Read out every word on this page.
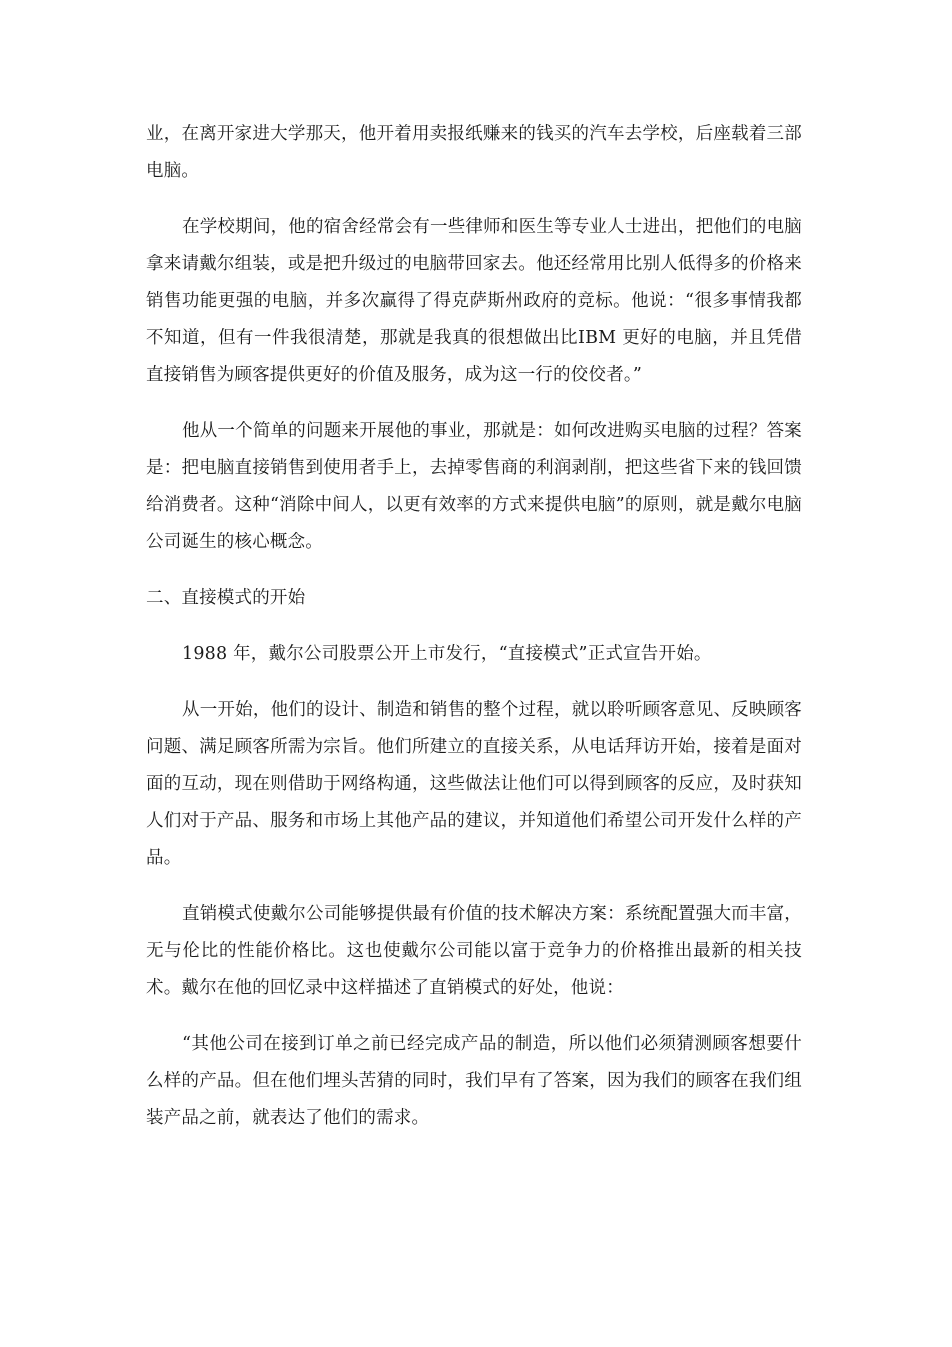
业，在离开家进大学那天，他开着用卖报纸赚来的钱买的汽车去学校，后座载着三部电脑。

在学校期间，他的宿舍经常会有一些律师和医生等专业人士进出，把他们的电脑拿来请戴尔组装，或是把升级过的电脑带回家去。他还经常用比别人低得多的价格来销售功能更强的电脑，并多次赢得了得克萨斯州政府的竞标。他说：“很多事情我都不知道，但有一件我很清楚，那就是我真的很想做出比IBM 更好的电脑，并且凭借直接销售为顾客提供更好的价值及服务，成为这一行的佼佼者。”

他从一个简单的问题来开展他的事业，那就是：如何改进购买电脑的过程？答案是：把电脑直接销售到使用者手上，去掉零售商的利润剥削，把这些省下来的钱回馈给消费者。这种“消除中间人，以更有效率的方式来提供电脑”的原则，就是戴尔电脑公司诞生的核心概念。

二、直接模式的开始

1988 年，戴尔公司股票公开上市发行，“直接模式”正式宣告开始。

从一开始，他们的设计、制造和销售的整个过程，就以聆听顾客意见、反映顾客问题、满足顾客所需为宗旨。他们所建立的直接关系，从电话拜访开始，接着是面对面的互动，现在则借助于网络构通，这些做法让他们可以得到顾客的反应，及时获知人们对于产品、服务和市场上其他产品的建议，并知道他们希望公司开发什么样的产品。

直销模式使戴尔公司能够提供最有价值的技术解决方案：系统配置强大而丰富，无与伦比的性能价格比。这也使戴尔公司能以富于竞争力的价格推出最新的相关技术。戴尔在他的回忆录中这样描述了直销模式的好处，他说：

“其他公司在接到订单之前已经完成产品的制造，所以他们必须猜测顾客想要什么样的产品。但在他们埋头苦猜的同时，我们早有了答案，因为我们的顾客在我们组装产品之前，就表达了他们的需求。
